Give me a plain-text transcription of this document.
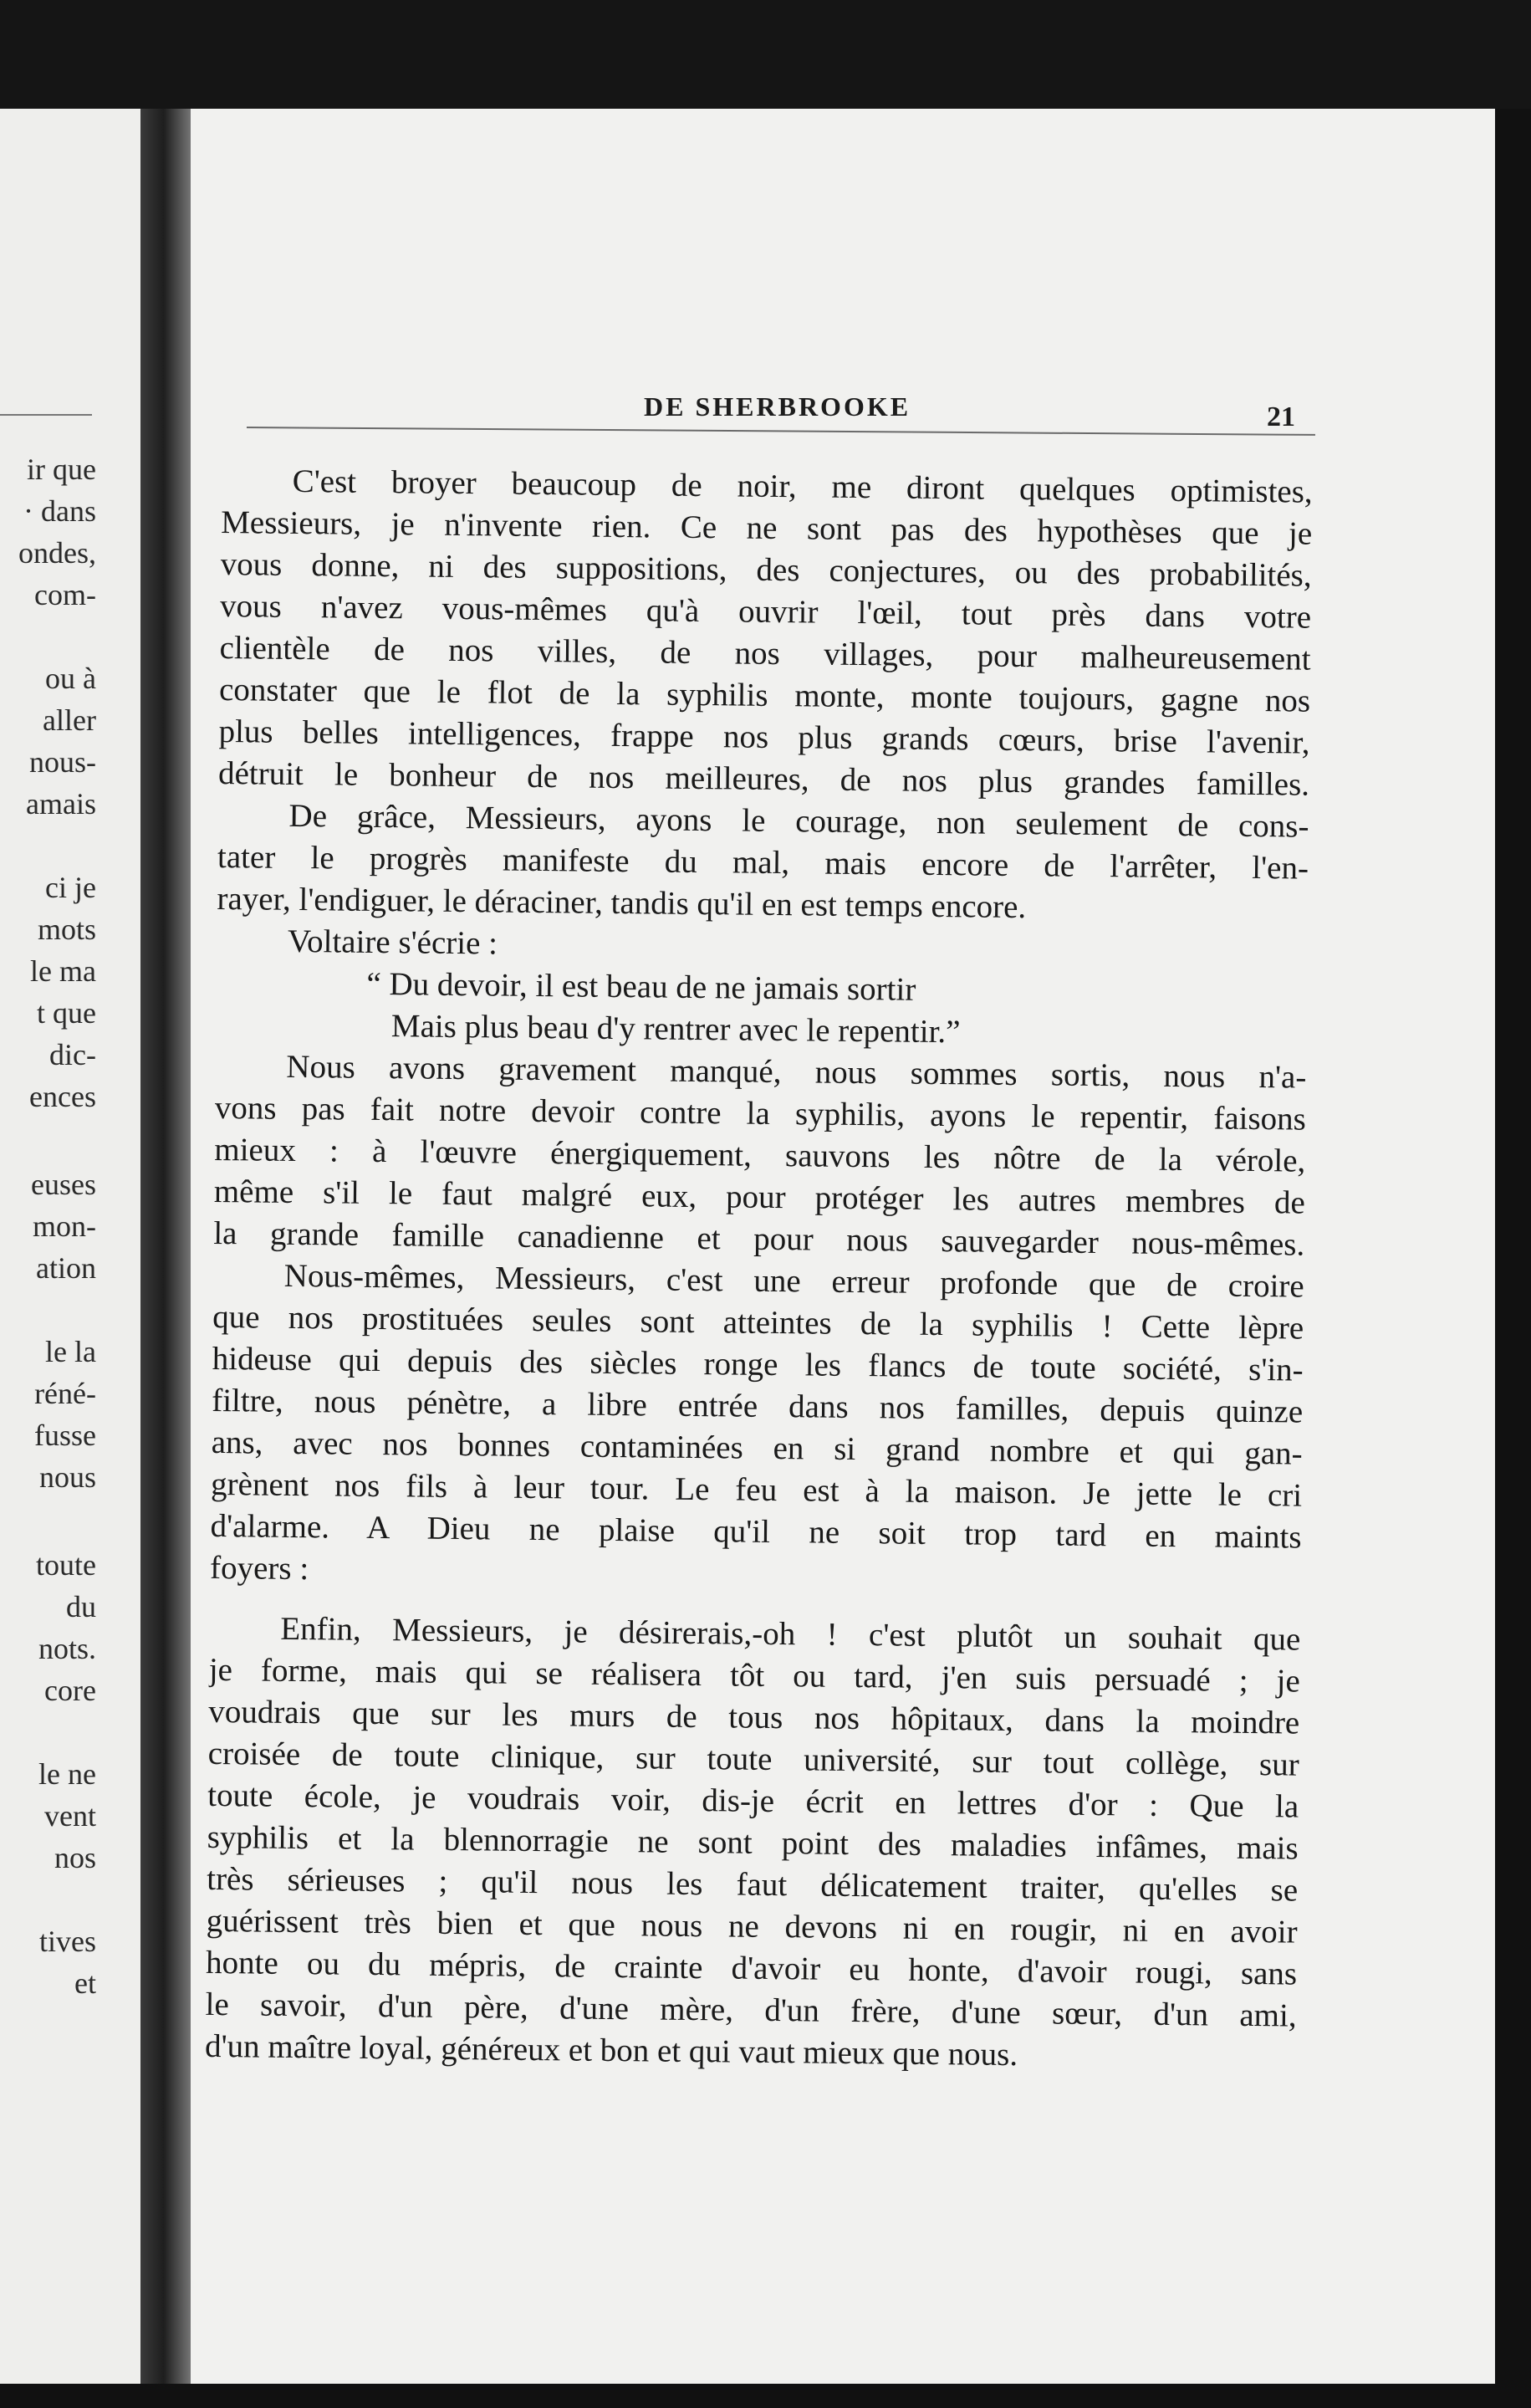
ir que
· dans
ondes,
com-
ou à
aller
nous-
amais
ci je
mots
le ma
t que
dic-
ences
euses
mon-
ation
le la
réné-
fusse
nous
toute
du
nots.
core
le ne
vent
nos
tives
et
DE SHERBROOKE	21
C'est broyer beaucoup de noir, me diront quelques optimistes,
Messieurs, je n'invente rien. Ce ne sont pas des hypothèses que je
vous donne, ni des suppositions, des conjectures, ou des probabilités,
vous n'avez vous-mêmes qu'à ouvrir l'œil, tout près dans votre
clientèle de nos villes, de nos villages, pour malheureusement
constater que le flot de la syphilis monte, monte toujours, gagne nos
plus belles intelligences, frappe nos plus grands cœurs, brise l'avenir,
détruit le bonheur de nos meilleures, de nos plus grandes familles.
De grâce, Messieurs, ayons le courage, non seulement de cons-
tater le progrès manifeste du mal, mais encore de l'arrêter, l'en-
rayer, l'endiguer, le déraciner, tandis qu'il en est temps encore.
Voltaire s'écrie :
“ Du devoir, il est beau de ne jamais sortir
Mais plus beau d'y rentrer avec le repentir.”
Nous avons gravement manqué, nous sommes sortis, nous n'a-
vons pas fait notre devoir contre la syphilis, ayons le repentir, faisons
mieux : à l'œuvre énergiquement, sauvons les nôtre de la vérole,
même s'il le faut malgré eux, pour protéger les autres membres de
la grande famille canadienne et pour nous sauvegarder nous-mêmes.
Nous-mêmes, Messieurs, c'est une erreur profonde que de croire
que nos prostituées seules sont atteintes de la syphilis ! Cette lèpre
hideuse qui depuis des siècles ronge les flancs de toute société, s'in-
filtre, nous pénètre, a libre entrée dans nos familles, depuis quinze
ans, avec nos bonnes contaminées en si grand nombre et qui gan-
grènent nos fils à leur tour. Le feu est à la maison. Je jette le cri
d'alarme. A Dieu ne plaise qu'il ne soit trop tard en maints
foyers :
Enfin, Messieurs, je désirerais,-oh ! c'est plutôt un souhait que
je forme, mais qui se réalisera tôt ou tard, j'en suis persuadé ; je
voudrais que sur les murs de tous nos hôpitaux, dans la moindre
croisée de toute clinique, sur toute université, sur tout collège, sur
toute école, je voudrais voir, dis-je écrit en lettres d'or : Que la
syphilis et la blennorragie ne sont point des maladies infâmes, mais
très sérieuses ; qu'il nous les faut délicatement traiter, qu'elles se
guérissent très bien et que nous ne devons ni en rougir, ni en avoir
honte ou du mépris, de crainte d'avoir eu honte, d'avoir rougi, sans
le savoir, d'un père, d'une mère, d'un frère, d'une sœur, d'un ami,
d'un maître loyal, généreux et bon et qui vaut mieux que nous.
